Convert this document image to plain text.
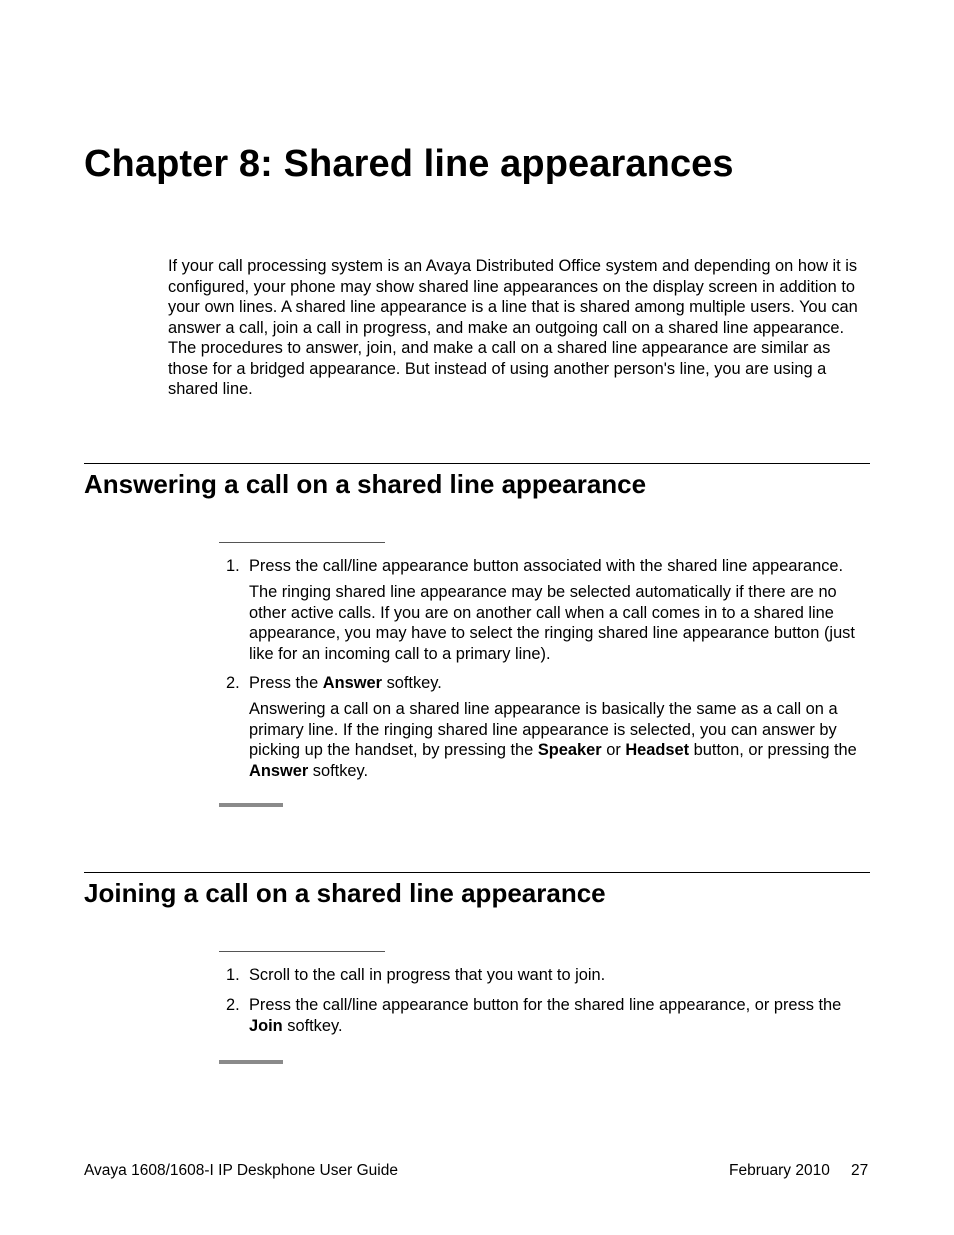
Chapter 8: Shared line appearances

If your call processing system is an Avaya Distributed Office system and depending on how it is configured, your phone may show shared line appearances on the display screen in addition to your own lines. A shared line appearance is a line that is shared among multiple users. You can answer a call, join a call in progress, and make an outgoing call on a shared line appearance. The procedures to answer, join, and make a call on a shared line appearance are similar as those for a bridged appearance. But instead of using another person's line, you are using a shared line.

Answering a call on a shared line appearance
1. Press the call/line appearance button associated with the shared line appearance.

The ringing shared line appearance may be selected automatically if there are no other active calls. If you are on another call when a call comes in to a shared line appearance, you may have to select the ringing shared line appearance button (just like for an incoming call to a primary line).

2. Press the Answer softkey.

Answering a call on a shared line appearance is basically the same as a call on a primary line. If the ringing shared line appearance is selected, you can answer by picking up the handset, by pressing the Speaker or Headset button, or pressing the Answer softkey.

Joining a call on a shared line appearance
1. Scroll to the call in progress that you want to join.

2. Press the call/line appearance button for the shared line appearance, or press the Join softkey.

Avaya 1608/1608-I IP Deskphone User Guide	February 2010 27
